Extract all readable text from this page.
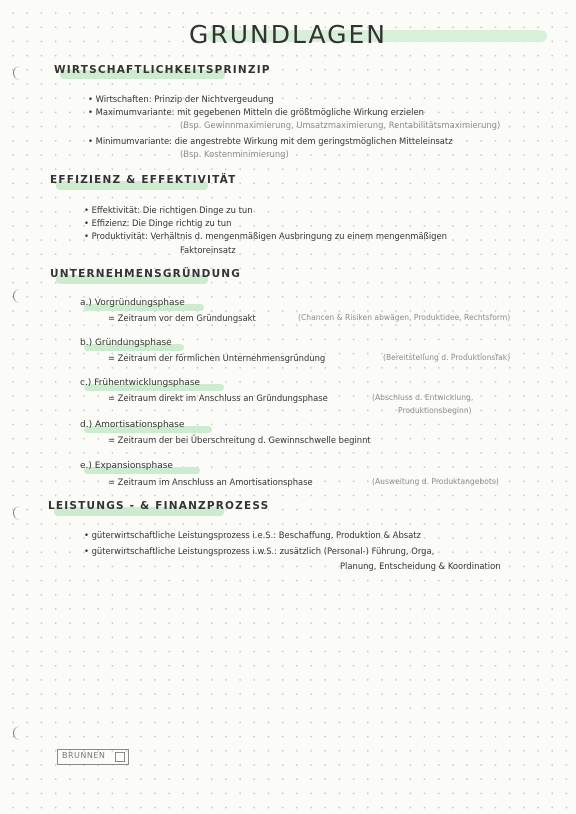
GRUNDLAGEN
WIRTSCHAFTLICHKEITSPRINZIP
• Wirtschaften: Prinzip der Nichtvergeudung
• Maximumvariante: mit gegebenen Mitteln die größtmögliche Wirkung erzielen
(Bsp. Gewinnmaximierung, Umsatzmaximierung, Rentabilitätsmaximierung)
• Minimumvariante: die angestrebte Wirkung mit dem geringstmöglichen Mitteleinsatz
(Bsp. Kostenminimierung)
EFFIZIENZ & EFFEKTIVITÄT
• Effektivität: Die richtigen Dinge zu tun
• Effizienz: Die Dinge richtig zu tun
• Produktivität: Verhältnis d. mengenmäßigen Ausbringung zu einem mengenmäßigen
Faktoreinsatz
UNTERNEHMENSGRÜNDUNG
a.) Vorgründungsphase
= Zeitraum vor dem Gründungsakt	(Chancen & Risiken abwägen, Produktidee, Rechtsform)
b.) Gründungsphase
= Zeitraum der förmlichen Unternehmensgründung	(Bereitstellung d. Produktionsfak)
c.) Frühentwicklungsphase
= Zeitraum direkt im Anschluss an Gründungsphase	(Abschluss d. Entwicklung,
Produktionsbeginn)
d.) Amortisationsphase
= Zeitraum der bei Überschreitung d. Gewinnschwelle beginnt
e.) Expansionsphase
= Zeitraum im Anschluss an Amortisationsphase	(Ausweitung d. Produktangebots)
LEISTUNGS - & FINANZPROZESS
• güterwirtschaftliche Leistungsprozess i.e.S.: Beschaffung, Produktion & Absatz
• güterwirtschaftliche Leistungsprozess i.w.S.: zusätzlich (Personal-) Führung, Orga,
Planung, Entscheidung & Koordination
BRUNNEN
